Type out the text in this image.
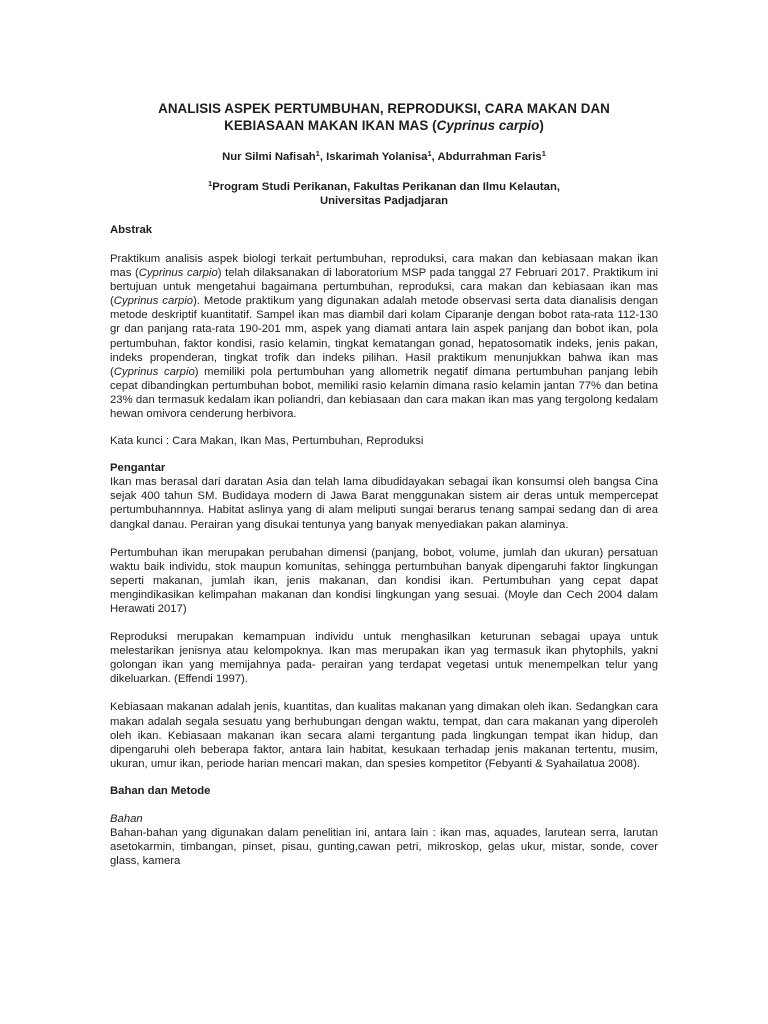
ANALISIS ASPEK PERTUMBUHAN, REPRODUKSI, CARA MAKAN DAN
KEBIASAAN MAKAN IKAN MAS (Cyprinus carpio)
Nur Silmi Nafisah$^1$, Iskarimah Yolanisa$^1$, Abdurrahman Faris$^1$
$^1$Program Studi Perikanan, Fakultas Perikanan dan Ilmu Kelautan,
Universitas Padjadjaran
Abstrak

Praktikum analisis aspek biologi terkait pertumbuhan, reproduksi, cara makan dan kebiasaan makan ikan mas (Cyprinus carpio) telah dilaksanakan di laboratorium MSP pada tanggal 27 Februari 2017. Praktikum ini bertujuan untuk mengetahui bagaimana pertumbuhan, reproduksi, cara makan dan kebiasaan ikan mas (Cyprinus carpio). Metode praktikum yang digunakan adalah metode observasi serta data dianalisis dengan metode deskriptif kuantitatif. Sampel ikan mas diambil dari kolam Ciparanje dengan bobot rata-rata 112-130 gr dan panjang rata-rata 190-201 mm, aspek yang diamati antara lain aspek panjang dan bobot ikan, pola pertumbuhan, faktor kondisi, rasio kelamin, tingkat kematangan gonad, hepatosomatik indeks, jenis pakan, indeks propenderan, tingkat trofik dan indeks pilihan. Hasil praktikum menunjukkan bahwa ikan mas (Cyprinus carpio) memiliki pola pertumbuhan yang allometrik negatif dimana pertumbuhan panjang lebih cepat dibandingkan pertumbuhan bobot, memiliki rasio kelamin dimana rasio kelamin jantan 77% dan betina 23% dan termasuk kedalam ikan poliandri, dan kebiasaan dan cara makan ikan mas yang tergolong kedalam hewan omivora cenderung herbivora.

Kata kunci : Cara Makan, Ikan Mas, Pertumbuhan, Reproduksi

Pengantar

Ikan mas berasal dari daratan Asia dan telah lama dibudidayakan sebagai ikan konsumsi oleh bangsa Cina sejak 400 tahun SM. Budidaya modern di Jawa Barat menggunakan sistem air deras untuk mempercepat pertumbuhannnya. Habitat aslinya yang di alam meliputi sungai berarus tenang sampai sedang dan di area dangkal danau. Perairan yang disukai tentunya yang banyak menyediakan pakan alaminya.

Pertumbuhan ikan merupakan perubahan dimensi (panjang, bobot, volume, jumlah dan ukuran) persatuan waktu baik individu, stok maupun komunitas, sehingga pertumbuhan banyak dipengaruhi faktor lingkungan seperti makanan, jumlah ikan, jenis makanan, dan kondisi ikan. Pertumbuhan yang cepat dapat mengindikasikan kelimpahan makanan dan kondisi lingkungan yang sesuai. (Moyle dan Cech 2004 dalam Herawati 2017)

Reproduksi merupakan kemampuan individu untuk menghasilkan keturunan sebagai upaya untuk melestarikan jenisnya atau kelompoknya. Ikan mas merupakan ikan yag termasuk ikan phytophils, yakni golongan ikan yang memijahnya pada- perairan yang terdapat vegetasi untuk menempelkan telur yang dikeluarkan. (Effendi 1997).

Kebiasaan makanan adalah jenis, kuantitas, dan kualitas makanan yang dimakan oleh ikan. Sedangkan cara makan adalah segala sesuatu yang berhubungan dengan waktu, tempat, dan cara makanan yang diperoleh oleh ikan. Kebiasaan makanan ikan secara alami tergantung pada lingkungan tempat ikan hidup, dan dipengaruhi oleh beberapa faktor, antara lain habitat, kesukaan terhadap jenis makanan tertentu, musim, ukuran, umur ikan, periode harian mencari makan, dan spesies kompetitor (Febyanti & Syahailatua 2008).

Bahan dan Metode
Bahan

Bahan-bahan yang digunakan dalam penelitian ini, antara lain : ikan mas, aquades, larutean serra, larutan asetokarmin, timbangan, pinset, pisau, gunting,cawan petri, mikroskop, gelas ukur, mistar, sonde, cover glass, kamera
